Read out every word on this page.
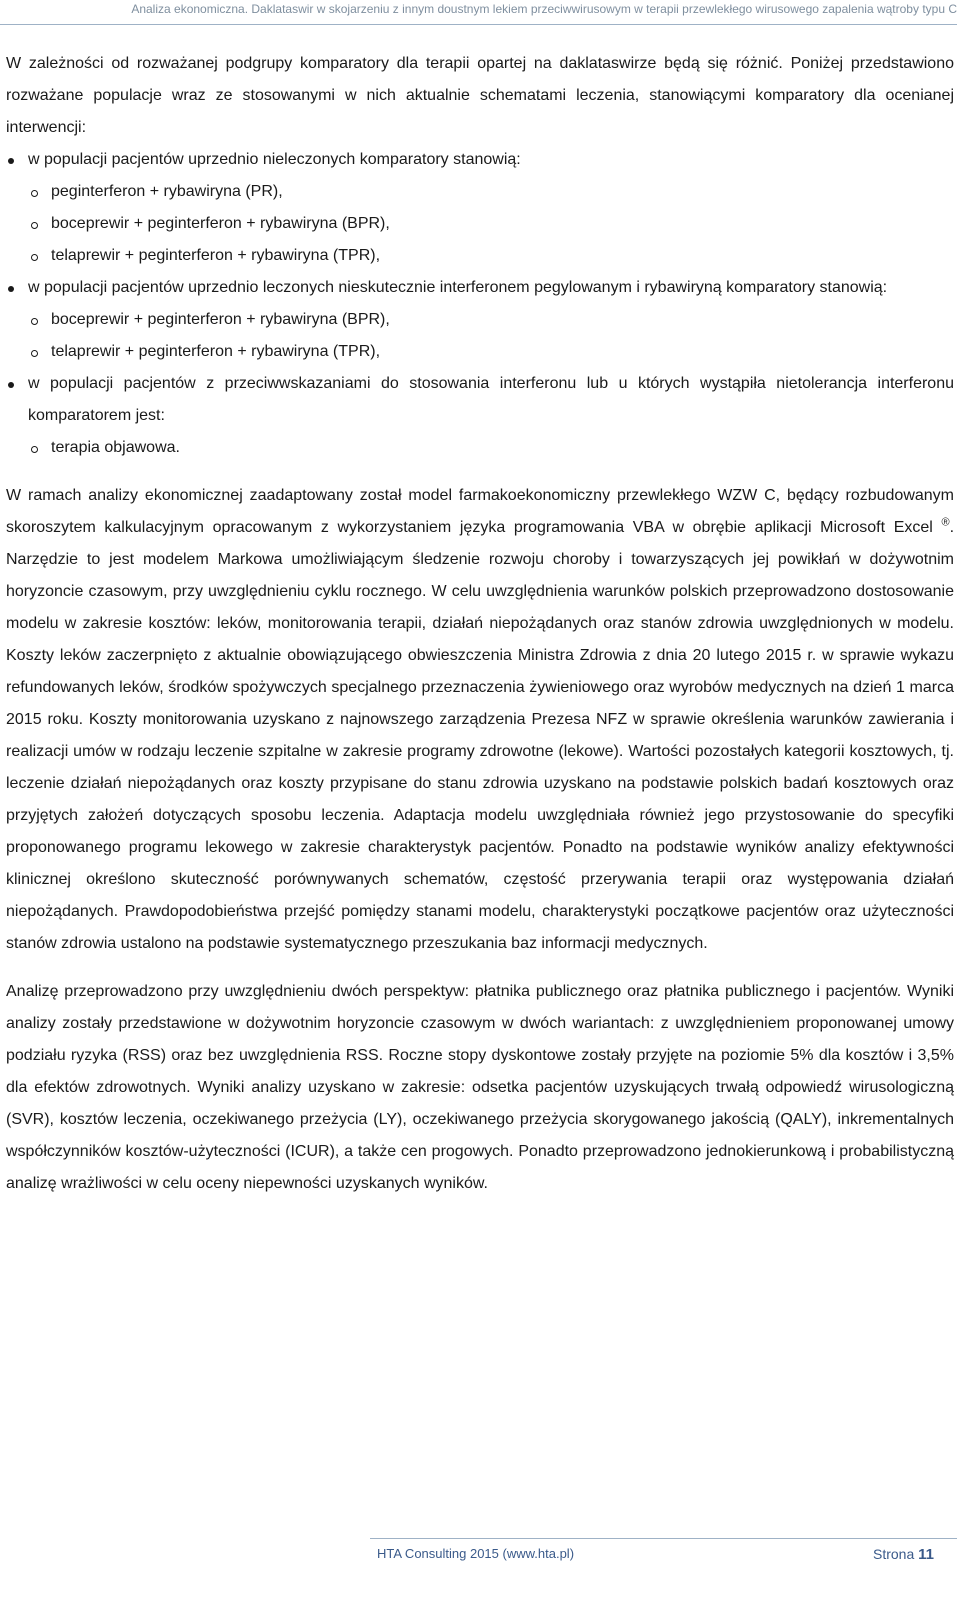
Analiza ekonomiczna. Daklataswir w skojarzeniu z innym doustnym lekiem przeciwwirusowym w terapii przewlekłego wirusowego zapalenia wątroby typu C

W zależności od rozważanej podgrupy komparatory dla terapii opartej na daklataswirze będą się różnić. Poniżej przedstawiono rozważane populacje wraz ze stosowanymi w nich aktualnie schematami leczenia, stanowiącymi komparatory dla ocenianej interwencji:

w populacji pacjentów uprzednio nieleczonych komparatory stanowią:
peginterferon + rybawiryna (PR),
boceprewir + peginterferon + rybawiryna (BPR),
telaprewir + peginterferon + rybawiryna (TPR),
w populacji pacjentów uprzednio leczonych nieskutecznie interferonem pegylowanym i rybawiryną komparatory stanowią:
boceprewir + peginterferon + rybawiryna (BPR),
telaprewir + peginterferon + rybawiryna (TPR),
w populacji pacjentów z przeciwwskazaniami do stosowania interferonu lub u których wystąpiła nietolerancja interferonu komparatorem jest:
terapia objawowa.

W ramach analizy ekonomicznej zaadaptowany został model farmakoekonomiczny przewlekłego WZW C, będący rozbudowanym skoroszytem kalkulacyjnym opracowanym z wykorzystaniem języka programowania VBA w obrębie aplikacji Microsoft Excel ®. Narzędzie to jest modelem Markowa umożliwiającym śledzenie rozwoju choroby i towarzyszących jej powikłań w dożywotnim horyzoncie czasowym, przy uwzględnieniu cyklu rocznego. W celu uwzględnienia warunków polskich przeprowadzono dostosowanie modelu w zakresie kosztów: leków, monitorowania terapii, działań niepożądanych oraz stanów zdrowia uwzględnionych w modelu. Koszty leków zaczerpnięto z aktualnie obowiązującego obwieszczenia Ministra Zdrowia z dnia 20 lutego 2015 r. w sprawie wykazu refundowanych leków, środków spożywczych specjalnego przeznaczenia żywieniowego oraz wyrobów medycznych na dzień 1 marca 2015 roku. Koszty monitorowania uzyskano z najnowszego zarządzenia Prezesa NFZ w sprawie określenia warunków zawierania i realizacji umów w rodzaju leczenie szpitalne w zakresie programy zdrowotne (lekowe). Wartości pozostałych kategorii kosztowych, tj. leczenie działań niepożądanych oraz koszty przypisane do stanu zdrowia uzyskano na podstawie polskich badań kosztowych oraz przyjętych założeń dotyczących sposobu leczenia. Adaptacja modelu uwzględniała również jego przystosowanie do specyfiki proponowanego programu lekowego w zakresie charakterystyk pacjentów. Ponadto na podstawie wyników analizy efektywności klinicznej określono skuteczność porównywanych schematów, częstość przerywania terapii oraz występowania działań niepożądanych. Prawdopodobieństwa przejść pomiędzy stanami modelu, charakterystyki początkowe pacjentów oraz użyteczności stanów zdrowia ustalono na podstawie systematycznego przeszukania baz informacji medycznych.

Analizę przeprowadzono przy uwzględnieniu dwóch perspektyw: płatnika publicznego oraz płatnika publicznego i pacjentów. Wyniki analizy zostały przedstawione w dożywotnim horyzoncie czasowym w dwóch wariantach: z uwzględnieniem proponowanej umowy podziału ryzyka (RSS) oraz bez uwzględnienia RSS. Roczne stopy dyskontowe zostały przyjęte na poziomie 5% dla kosztów i 3,5% dla efektów zdrowotnych. Wyniki analizy uzyskano w zakresie: odsetka pacjentów uzyskujących trwałą odpowiedź wirusologiczną (SVR), kosztów leczenia, oczekiwanego przeżycia (LY), oczekiwanego przeżycia skorygowanego jakością (QALY), inkrementalnych współczynników kosztów-użyteczności (ICUR), a także cen progowych. Ponadto przeprowadzono jednokierunkową i probabilistyczną analizę wrażliwości w celu oceny niepewności uzyskanych wyników.

HTA Consulting 2015 (www.hta.pl)	Strona 11
